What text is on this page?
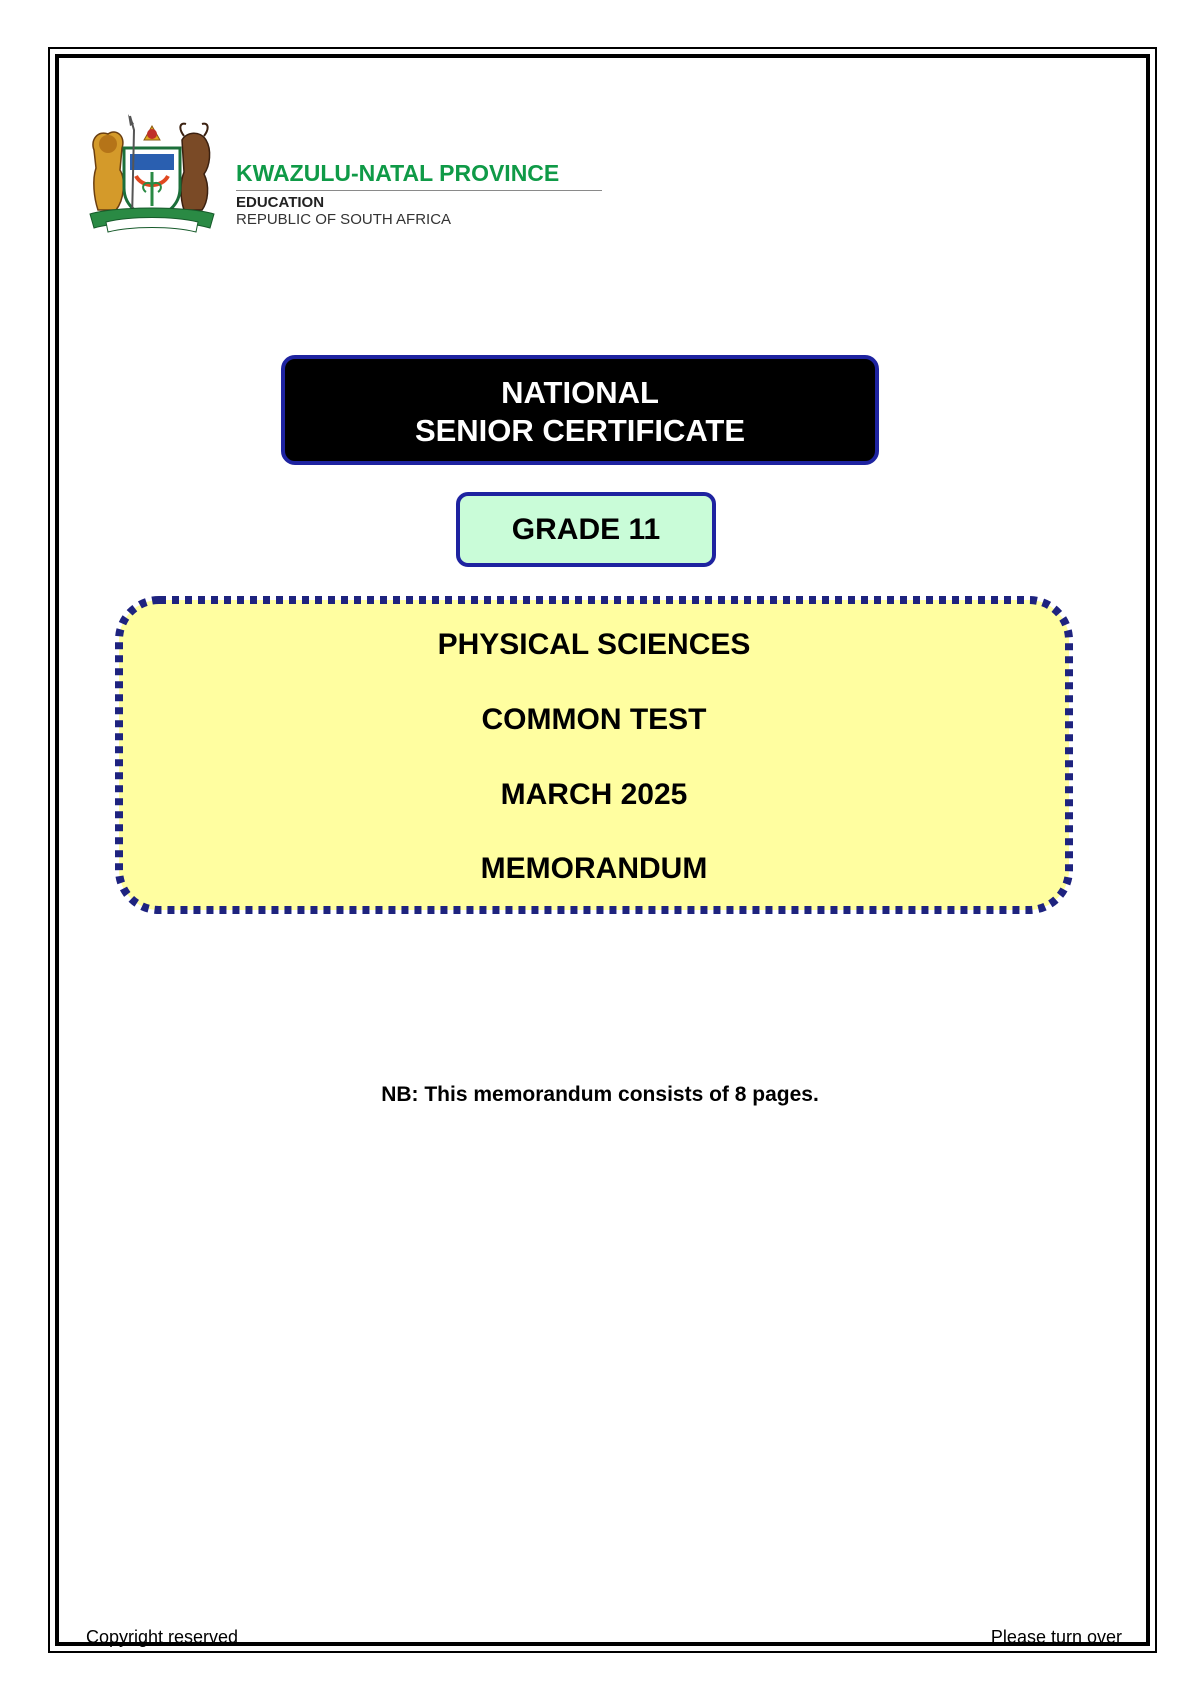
KWAZULU-NATAL PROVINCE
EDUCATION
REPUBLIC OF SOUTH AFRICA
NATIONAL
SENIOR CERTIFICATE
GRADE 11
PHYSICAL SCIENCES
COMMON TEST
MARCH 2025
MEMORANDUM
NB: This memorandum consists of 8 pages.
Copyright reserved	Please turn over
